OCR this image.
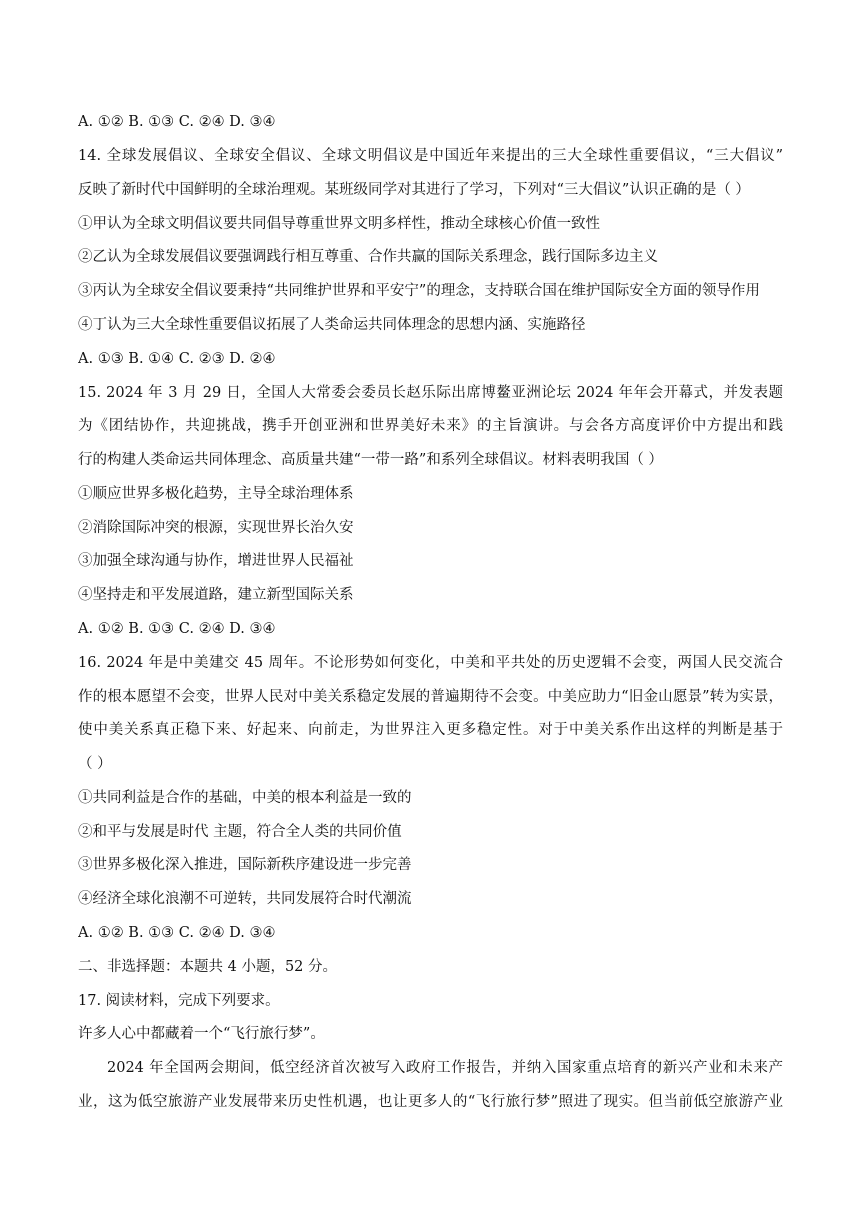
A. ①② B. ①③ C. ②④ D. ③④
14. 全球发展倡议、全球安全倡议、全球文明倡议是中国近年来提出的三大全球性重要倡议，“三大倡议”
反映了新时代中国鲜明的全球治理观。某班级同学对其进行了学习，下列对“三大倡议”认识正确的是（ ）
①甲认为全球文明倡议要共同倡导尊重世界文明多样性，推动全球核心价值一致性
②乙认为全球发展倡议要强调践行相互尊重、合作共赢的国际关系理念，践行国际多边主义
③丙认为全球安全倡议要秉持“共同维护世界和平安宁”的理念，支持联合国在维护国际安全方面的领导作用
④丁认为三大全球性重要倡议拓展了人类命运共同体理念的思想内涵、实施路径
A. ①③ B. ①④ C. ②③ D. ②④
15. 2024 年 3 月 29 日，全国人大常委会委员长赵乐际出席博鳌亚洲论坛 2024 年年会开幕式，并发表题
为《团结协作，共迎挑战，携手开创亚洲和世界美好未来》的主旨演讲。与会各方高度评价中方提出和践
行的构建人类命运共同体理念、高质量共建“一带一路”和系列全球倡议。材料表明我国（ ）
①顺应世界多极化趋势，主导全球治理体系
②消除国际冲突的根源，实现世界长治久安
③加强全球沟通与协作，增进世界人民福祉
④坚持走和平发展道路，建立新型国际关系
A. ①② B. ①③ C. ②④ D. ③④
16. 2024 年是中美建交 45 周年。不论形势如何变化，中美和平共处的历史逻辑不会变，两国人民交流合
作的根本愿望不会变，世界人民对中美关系稳定发展的普遍期待不会变。中美应助力“旧金山愿景”转为实景，
使中美关系真正稳下来、好起来、向前走，为世界注入更多稳定性。对于中美关系作出这样的判断是基于
（ ）
①共同利益是合作的基础，中美的根本利益是一致的
②和平与发展是时代 主题，符合全人类的共同价值
③世界多极化深入推进，国际新秩序建设进一步完善
④经济全球化浪潮不可逆转，共同发展符合时代潮流
A. ①② B. ①③ C. ②④ D. ③④
二、非选择题：本题共 4 小题，52 分。
17. 阅读材料，完成下列要求。
许多人心中都藏着一个“飞行旅行梦”。
2024 年全国两会期间，低空经济首次被写入政府工作报告，并纳入国家重点培育的新兴产业和未来产
业，这为低空旅游产业发展带来历史性机遇，也让更多人的“飞行旅行梦”照进了现实。但当前低空旅游产业
